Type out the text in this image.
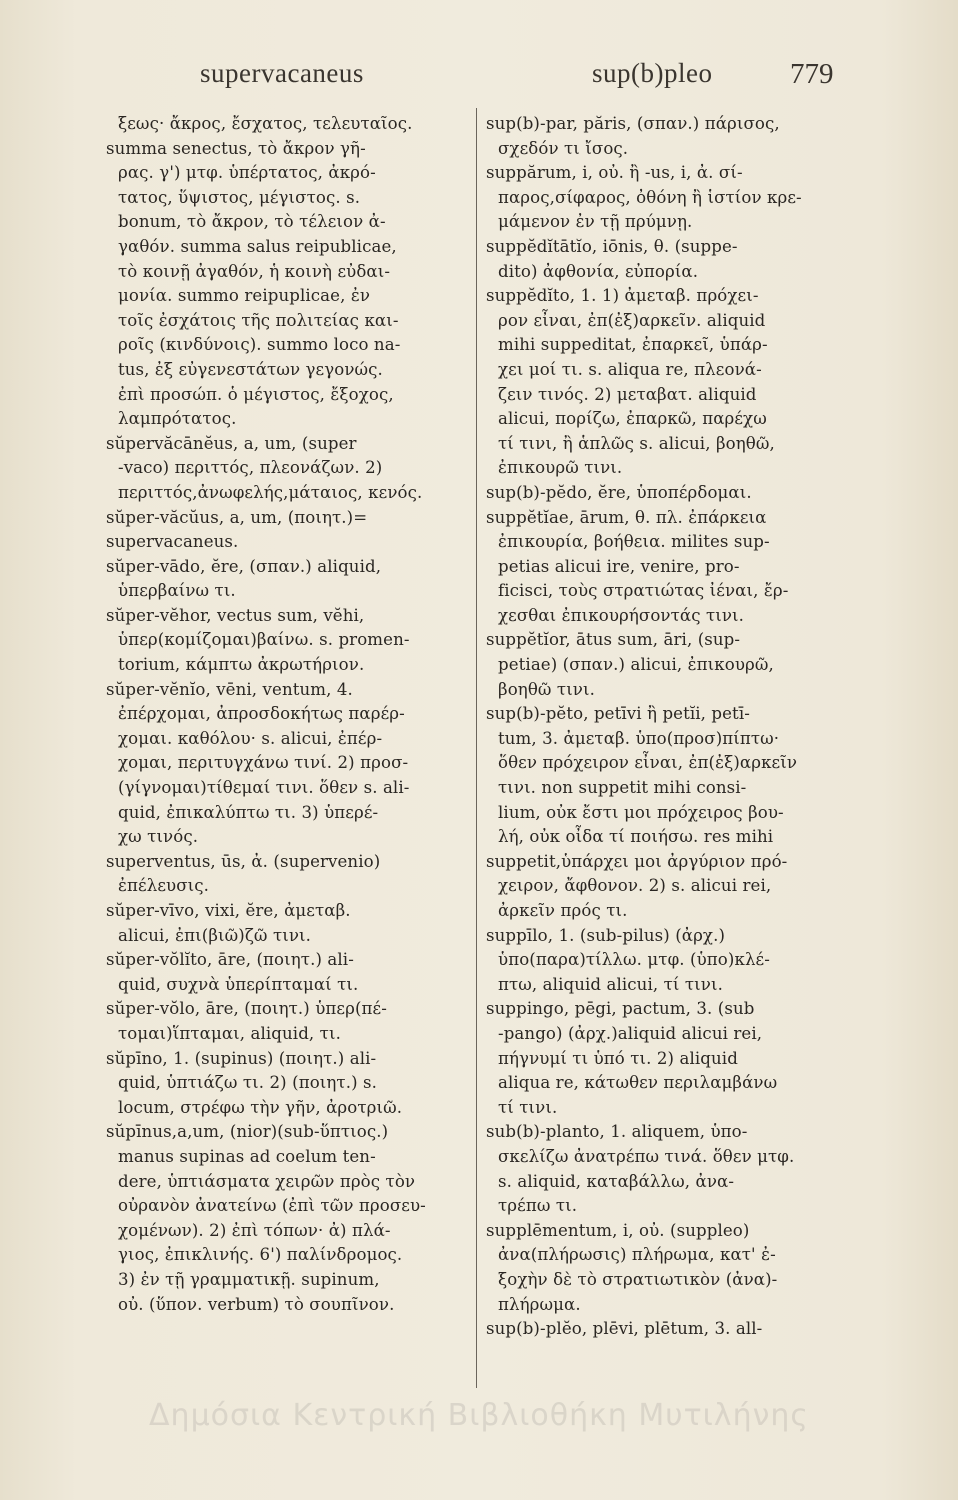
supervacaneus	sup(b)pleo	779
ξεως· ἄκρος, ἔσχατος, τελευταῖος.
summa senectus, τὸ ἄκρον γῆ-
ρας. γ') μτφ. ὑπέρτατος, ἀκρό-
τατος, ὕψιστος, μέγιστος. s.
bonum, τὸ ἄκρον, τὸ τέλειον ἀ-
γαθόν. summa salus reipublicae,
τὸ κοινῇ ἀγαθόν, ἡ κοινὴ εὐδαι-
μονία. summo reipuplicae, ἐν
τοῖς ἐσχάτοις τῆς πολιτείας και-
ροῖς (κινδύνοις). summo loco na-
tus, ἐξ εὐγενεστάτων γεγονώς.
ἐπὶ προσώπ. ὁ μέγιστος, ἔξοχος,
λαμπρότατος.
sŭpervăcānĕus, a, um, (super
-vaco) περιττός, πλεονάζων. 2)
περιττός,ἀνωφελής,μάταιος, κενός.
sŭper-văcŭus, a, um, (ποιητ.)=
supervacaneus.
sŭper-vādo, ĕre, (σπαν.) aliquid,
ὑπερβαίνω τι.
sŭper-vĕhor, vectus sum, vĕhi,
ὑπερ(κομίζομαι)βαίνω. s. promen-
torium, κάμπτω ἀκρωτήριον.
sŭper-vĕnĭo, vēni, ventum, 4.
ἐπέρχομαι, ἀπροσδοκήτως παρέρ-
χομαι. καθόλου· s. alicui, ἐπέρ-
χομαι, περιτυγχάνω τινί. 2) προσ-
(γίγνομαι)τίθεμαί τινι. ὅθεν s. ali-
quid, ἐπικαλύπτω τι. 3) ὑπερέ-
χω τινός.
superventus, ūs, ἀ. (supervenio)
ἐπέλευσις.
sŭper-vīvo, vixi, ĕre, ἀμεταβ.
alicui, ἐπι(βιῶ)ζῶ τινι.
sŭper-vŏlĭto, āre, (ποιητ.) ali-
quid, συχνὰ ὑπερίπταμαί τι.
sŭper-vŏlo, āre, (ποιητ.) ὑπερ(πέ-
τομαι)ἵπταμαι, aliquid, τι.
sŭpīno, 1. (supinus) (ποιητ.) ali-
quid, ὑπτιάζω τι. 2) (ποιητ.) s.
locum, στρέφω τὴν γῆν, ἀροτριῶ.
sŭpīnus,a,um, (nior)(sub-ὕπτιος.)
manus supinas ad coelum ten-
dere, ὑπτιάσματα χειρῶν πρὸς τὸν
οὐρανὸν ἀνατείνω (ἐπὶ τῶν προσευ-
χομένων). 2) ἐπὶ τόπων· ἀ) πλά-
γιος, ἐπικλινής. 6') παλίνδρομος.
3) ἐν τῇ γραμματικῇ. supinum,
οὐ. (ὕπον. verbum) τὸ σουπῖνον.
sup(b)-par, păris, (σπαν.) πάρισος,
σχεδόν τι ἴσος.
suppărum, i, οὐ. ἢ -us, i, ἀ. σί-
παρος,σίφαρος, ὀθόνη ἢ ἱστίον κρε-
μάμενον ἐν τῇ πρύμνῃ.
suppĕdĭtātĭo, iōnis, θ. (suppe-
dito) ἀφθονία, εὐπορία.
suppĕdĭto, 1. 1) ἀμεταβ. πρόχει-
ρον εἶναι, ἐπ(ἐξ)αρκεῖν. aliquid
mihi suppeditat, ἐπαρκεῖ, ὑπάρ-
χει μοί τι. s. aliqua re, πλεονά-
ζειν τινός. 2) μεταβατ. aliquid
alicui, πορίζω, ἐπαρκῶ, παρέχω
τί τινι, ἢ ἁπλῶς s. alicui, βοηθῶ,
ἐπικουρῶ τινι.
sup(b)-pĕdo, ĕre, ὑποπέρδομαι.
suppĕtĭae, ārum, θ. πλ. ἐπάρκεια
ἐπικουρία, βοήθεια. milites sup-
petias alicui ire, venire, pro-
ficisci, τοὺς στρατιώτας ἰέναι, ἔρ-
χεσθαι ἐπικουρήσοντάς τινι.
suppĕtĭor, ātus sum, āri, (sup-
petiae) (σπαν.) alicui, ἐπικουρῶ,
βοηθῶ τινι.
sup(b)-pĕto, petīvi ἢ petĭi, petī-
tum, 3. ἀμεταβ. ὑπο(προσ)πίπτω·
ὅθεν πρόχειρον εἶναι, ἐπ(ἐξ)αρκεῖν
τινι. non suppetit mihi consi-
lium, οὐκ ἔστι μοι πρόχειρος βου-
λή, οὐκ οἶδα τί ποιήσω. res mihi
suppetit,ὑπάρχει μοι ἀργύριον πρό-
χειρον, ἄφθονον. 2) s. alicui rei,
ἀρκεῖν πρός τι.
suppīlo, 1. (sub-pilus) (ἀρχ.)
ὑπο(παρα)τίλλω. μτφ. (ὑπο)κλέ-
πτω, aliquid alicui, τί τινι.
suppingo, pēgi, pactum, 3. (sub
-pango) (ἀρχ.)aliquid alicui rei,
πήγνυμί τι ὑπό τι. 2) aliquid
aliqua re, κάτωθεν περιλαμβάνω
τί τινι.
sub(b)-planto, 1. aliquem, ὑπο-
σκελίζω ἀνατρέπω τινά. ὅθεν μτφ.
s. aliquid, καταβάλλω, ἀνα-
τρέπω τι.
supplēmentum, i, οὐ. (suppleo)
ἀνα(πλήρωσις) πλήρωμα, κατ' ἐ-
ξοχὴν δὲ τὸ στρατιωτικὸν (ἀνα)-
πλήρωμα.
sup(b)-plĕo, plēvi, plētum, 3. all-
Δημόσια Κεντρική Βιβλιοθήκη Μυτιλήνης
